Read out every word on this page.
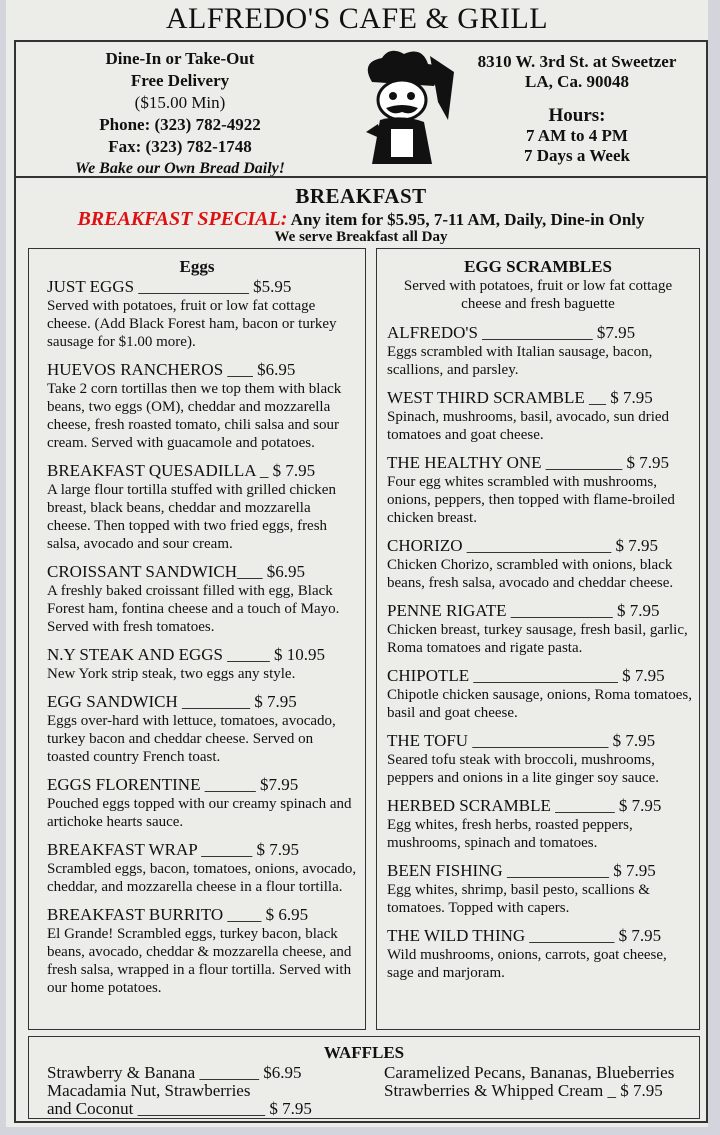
ALFREDO'S CAFE & GRILL
Dine-In or Take-Out
Free Delivery
($15.00 Min)
Phone: (323) 782-4922
Fax: (323) 782-1748
We Bake our Own Bread Daily!
8310 W. 3rd St. at Sweetzer
LA, Ca. 90048
Hours:
7 AM to 4 PM
7 Days a Week
BREAKFAST
BREAKFAST SPECIAL: Any item for $5.95, 7-11 AM, Daily, Dine-in Only
We serve Breakfast all Day
Eggs
JUST EGGS _____________ $5.95
Served with potatoes, fruit or low fat cottage cheese. (Add Black Forest ham, bacon or turkey sausage for $1.00 more).
HUEVOS RANCHEROS ___ $6.95
Take 2 corn tortillas then we top them with black beans, two eggs (OM), cheddar and mozzarella cheese, fresh roasted tomato, chili salsa and sour cream. Served with guacamole and potatoes.
BREAKFAST QUESADILLA _ $ 7.95
A large flour tortilla stuffed with grilled chicken breast, black beans, cheddar and mozzarella cheese. Then topped with two fried eggs, fresh salsa, avocado and sour cream.
CROISSANT SANDWICH___ $6.95
A freshly baked croissant filled with egg, Black Forest ham, fontina cheese and a touch of Mayo. Served with fresh tomatoes.
N.Y STEAK AND EGGS _____ $ 10.95
New York strip steak, two eggs any style.
EGG SANDWICH ________ $ 7.95
Eggs over-hard with lettuce, tomatoes, avocado, turkey bacon and cheddar cheese. Served on toasted country French toast.
EGGS FLORENTINE ______ $7.95
Pouched eggs topped with our creamy spinach and artichoke hearts sauce.
BREAKFAST WRAP ______ $ 7.95
Scrambled eggs, bacon, tomatoes, onions, avocado, cheddar, and mozzarella cheese in a flour tortilla.
BREAKFAST BURRITO ____ $ 6.95
El Grande! Scrambled eggs, turkey bacon, black beans, avocado, cheddar & mozzarella cheese, and fresh salsa, wrapped in a flour tortilla. Served with our home potatoes.
EGG SCRAMBLES
Served with potatoes, fruit or low fat cottage cheese and fresh baguette
ALFREDO'S _____________ $7.95
Eggs scrambled with Italian sausage, bacon, scallions, and parsley.
WEST THIRD SCRAMBLE __ $ 7.95
Spinach, mushrooms, basil, avocado, sun dried tomatoes and goat cheese.
THE HEALTHY ONE _________ $ 7.95
Four egg whites scrambled with mushrooms, onions, peppers, then topped with flame-broiled chicken breast.
CHORIZO _________________ $ 7.95
Chicken Chorizo, scrambled with onions, black beans, fresh salsa, avocado and cheddar cheese.
PENNE RIGATE ____________ $ 7.95
Chicken breast, turkey sausage, fresh basil, garlic, Roma tomatoes and rigate pasta.
CHIPOTLE _________________ $ 7.95
Chipotle chicken sausage, onions, Roma tomatoes, basil and goat cheese.
THE TOFU ________________ $ 7.95
Seared tofu steak with broccoli, mushrooms, peppers and onions in a lite ginger soy sauce.
HERBED SCRAMBLE _______ $ 7.95
Egg whites, fresh herbs, roasted peppers, mushrooms, spinach and tomatoes.
BEEN FISHING ____________ $ 7.95
Egg whites, shrimp, basil pesto, scallions & tomatoes. Topped with capers.
THE WILD THING __________ $ 7.95
Wild mushrooms, onions, carrots, goat cheese, sage and marjoram.
WAFFLES
Strawberry & Banana _______ $6.95
Macadamia Nut, Strawberries
and Coconut _______________ $ 7.95
Caramelized Pecans, Bananas, Blueberries
Strawberries & Whipped Cream _ $ 7.95
